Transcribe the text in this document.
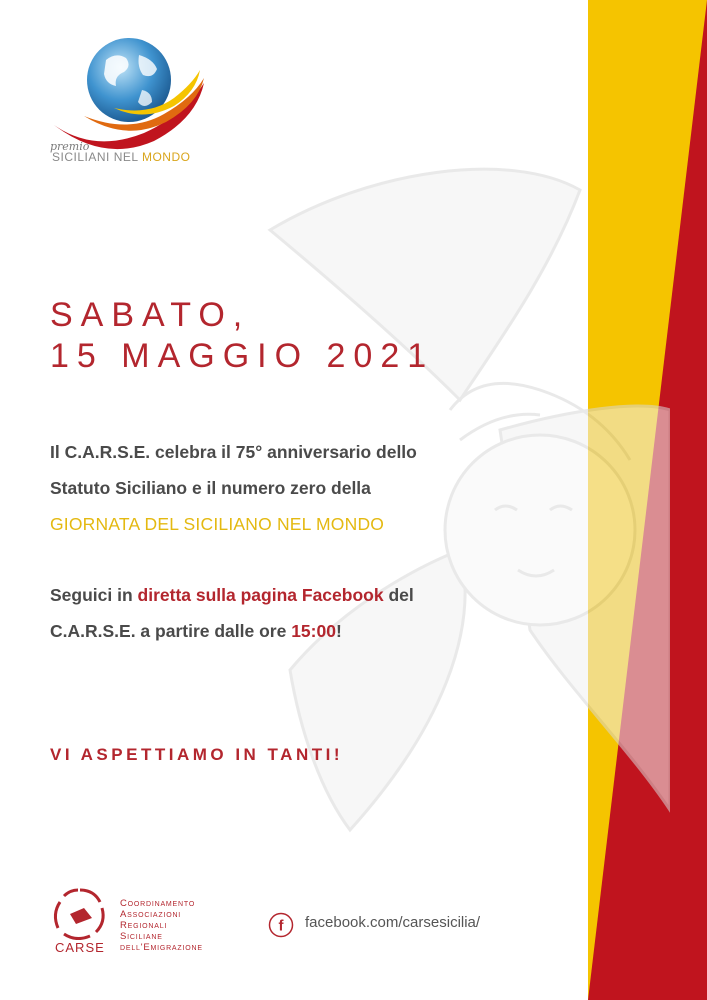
premio
SICILIANI NEL MONDO
SABATO,
15 MAGGIO 2021
Il C.A.R.S.E. celebra il 75° anniversario dello
Statuto Siciliano e il numero zero della
GIORNATA DEL SICILIANO NEL MONDO
Seguici in diretta sulla pagina Facebook del
C.A.R.S.E. a partire dalle ore 15:00!
VI ASPETTIAMO IN TANTI!
CARSE
Coordinamento
Associazioni
Regionali
Siciliane
dell'Emigrazione
f facebook.com/carsesicilia/
